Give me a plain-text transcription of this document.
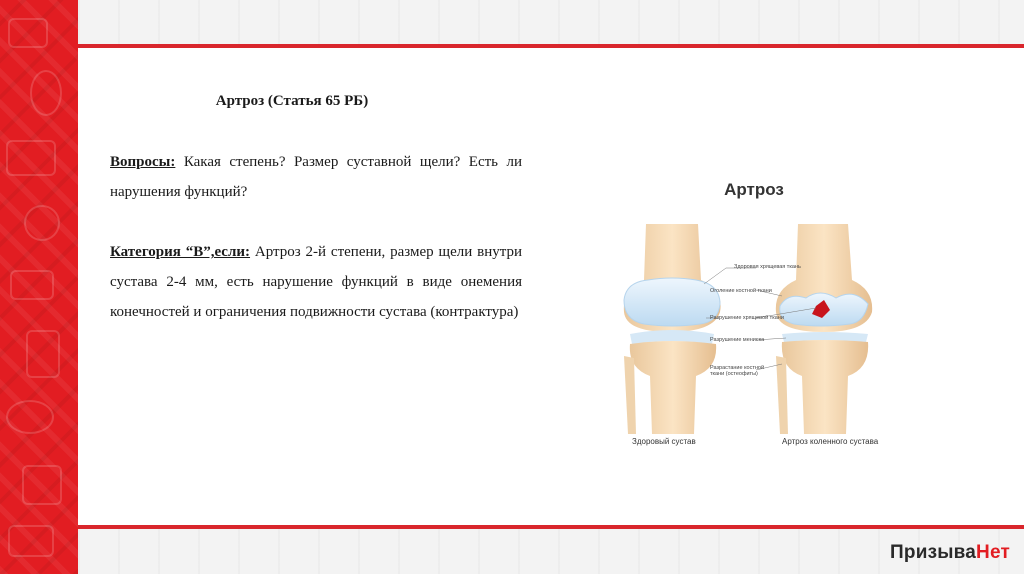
ПризываНет
Артроз (Статья 65 РБ)
Вопросы: Какая степень? Размер суставной щели? Есть ли нарушения функций?
Категория “В”,если: Артроз 2-й степени, размер щели внутри сустава 2-4 мм, есть нарушение функций в виде онемения конечностей и ограничения подвижности сустава (контрактура)
Артроз
Здоровая хрящевая ткань
Оголение костной ткани
Разрушение хрящевой ткани
Разрушение мениска
Разрастание костной ткани (остеофиты)
Здоровый сустав	Артроз коленного сустава
